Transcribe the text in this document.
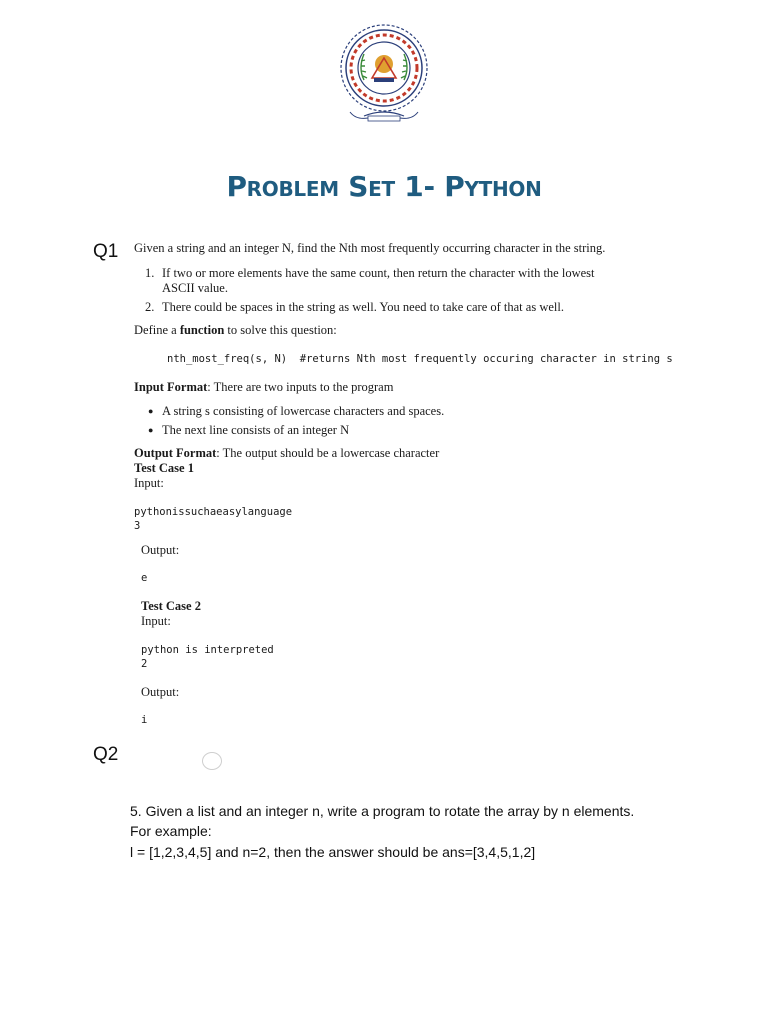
Problem Set 1- Python
Q1 Given a string and an integer N, find the Nth most frequently occurring character in the string.
1. If two or more elements have the same count, then return the character with the lowest
ASCII value.
2. There could be spaces in the string as well. You need to take care of that as well.
Define a function to solve this question:
nth_most_freq(s, N)  #returns Nth most frequently occuring character in string s
Input Format: There are two inputs to the program
● A string s consisting of lowercase characters and spaces.
● The next line consists of an integer N
Output Format: The output should be a lowercase character
Test Case 1
Input:
pythonissuchaeasylanguage
3
Output:
e
Test Case 2
Input:
python is interpreted
2
Output:
i
Q2
5. Given a list and an integer n, write a program to rotate the array by n elements.
For example:
l = [1,2,3,4,5] and n=2, then the answer should be ans=[3,4,5,1,2]
